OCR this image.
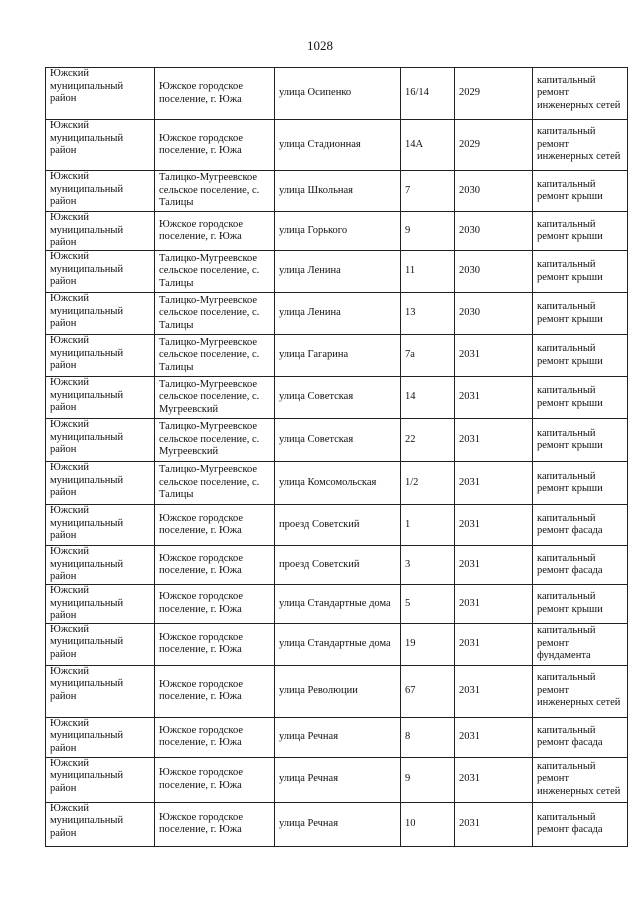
1028
Южский муниципальный район	Южское городское поселение, г. Южа	улица Осипенко	16/14	2029	капитальный ремонт инженерных сетей
Южский муниципальный район	Южское городское поселение, г. Южа	улица Стадионная	14А	2029	капитальный ремонт инженерных сетей
Южский муниципальный район	Талицко-Мугреевское сельское поселение, с. Талицы	улица Школьная	7	2030	капитальный ремонт крыши
Южский муниципальный район	Южское городское поселение, г. Южа	улица Горького	9	2030	капитальный ремонт крыши
Южский муниципальный район	Талицко-Мугреевское сельское поселение, с. Талицы	улица Ленина	11	2030	капитальный ремонт крыши
Южский муниципальный район	Талицко-Мугреевское сельское поселение, с. Талицы	улица Ленина	13	2030	капитальный ремонт крыши
Южский муниципальный район	Талицко-Мугреевское сельское поселение, с. Талицы	улица Гагарина	7а	2031	капитальный ремонт крыши
Южский муниципальный район	Талицко-Мугреевское сельское поселение, с. Мугреевский	улица Советская	14	2031	капитальный ремонт крыши
Южский муниципальный район	Талицко-Мугреевское сельское поселение, с. Мугреевский	улица Советская	22	2031	капитальный ремонт крыши
Южский муниципальный район	Талицко-Мугреевское сельское поселение, с. Талицы	улица Комсомольская	1/2	2031	капитальный ремонт крыши
Южский муниципальный район	Южское городское поселение, г. Южа	проезд Советский	1	2031	капитальный ремонт фасада
Южский муниципальный район	Южское городское поселение, г. Южа	проезд Советский	3	2031	капитальный ремонт фасада
Южский муниципальный район	Южское городское поселение, г. Южа	улица Стандартные дома	5	2031	капитальный ремонт крыши
Южский муниципальный район	Южское городское поселение, г. Южа	улица Стандартные дома	19	2031	капитальный ремонт фундамента
Южский муниципальный район	Южское городское поселение, г. Южа	улица Революции	67	2031	капитальный ремонт инженерных сетей
Южский муниципальный район	Южское городское поселение, г. Южа	улица Речная	8	2031	капитальный ремонт фасада
Южский муниципальный район	Южское городское поселение, г. Южа	улица Речная	9	2031	капитальный ремонт инженерных сетей
Южский муниципальный район	Южское городское поселение, г. Южа	улица Речная	10	2031	капитальный ремонт фасада
